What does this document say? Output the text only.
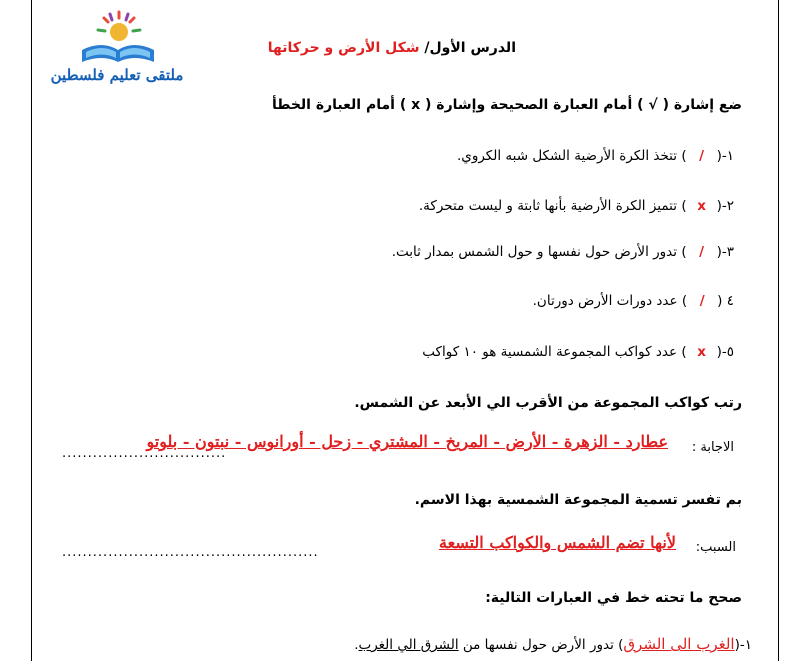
ملتقى تعليم فلسطين
الدرس الأول/ شكل الأرض و حركاتها
ضع إشارة ( √ ) أمام العبارة الصحيحة وإشارة ( x ) أمام العبارة الخطأ
١-(/) تتخذ الكرة الأرضية الشكل شبه الكروي.
٢-(x) تتميز الكرة الأرضية بأنها ثابتة و ليست متحركة.
٣-(/) تدور الأرض حول نفسها و حول الشمس بمدار ثابت.
٤ (/) عدد دورات الأرض دورتان.
٥-(x) عدد كواكب المجموعة الشمسية هو ١٠ كواكب
رتب كواكب المجموعة من الأقرب الي الأبعد عن الشمس.
الاجابة :
عطارد - الزهرة - الأرض - المريخ - المشتري - زحل - أورانوس - نبتون - بلوتو
................................
بم تفسر تسمية المجموعة الشمسية بهذا الاسم.
السبب:
لأنها تضم الشمس والكواكب التسعة
..................................................
صحح ما تحته خط في العبارات التالية:
١-(الغرب الى الشرق) تدور الأرض حول نفسها من الشرق الي الغرب.
